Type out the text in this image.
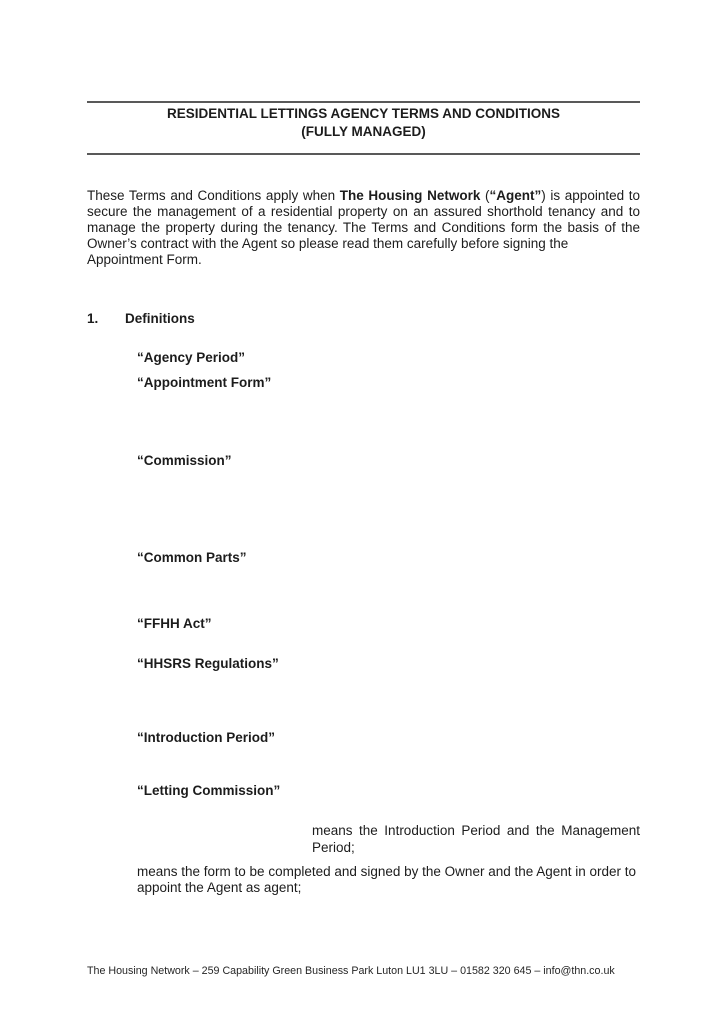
RESIDENTIAL LETTINGS AGENCY TERMS AND CONDITIONS
(FULLY MANAGED)
These Terms and Conditions apply when The Housing Network (“Agent”) is appointed to
secure the management of a residential property on an assured shorthold tenancy and to
manage the property during the tenancy. The Terms and Conditions form the basis of the
Owner’s contract with the Agent so please read them carefully before signing the
Appointment Form.
1. Definitions
“Agency Period”
“Appointment Form”
“Commission”
“Common Parts”
“FFHH Act”
“HHSRS Regulations”
“Introduction Period”
“Letting Commission”
means the Introduction Period and the Management
Period;
means the form to be completed and signed by the Owner and the Agent in order to
appoint the Agent as agent;
The Housing Network – 259 Capability Green Business Park Luton LU1 3LU – 01582 320 645 – info@thn.co.uk
